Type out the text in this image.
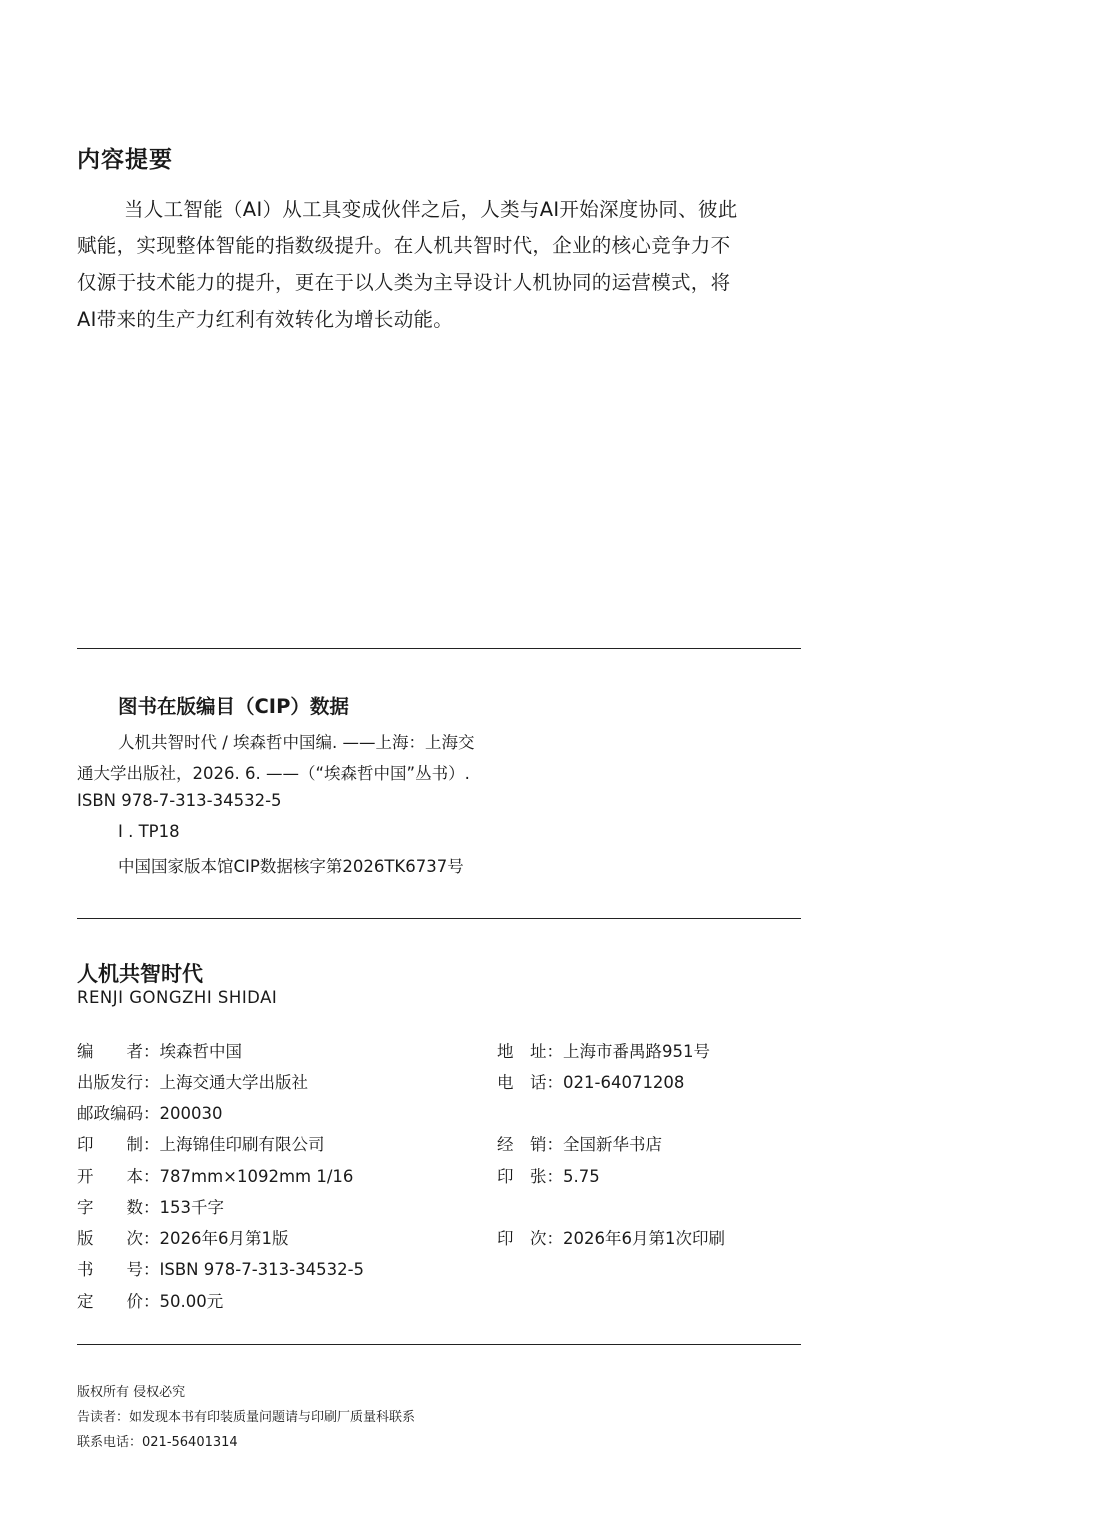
内容提要
当人工智能（AI）从工具变成伙伴之后，人类与AI开始深度协同、彼此
赋能，实现整体智能的指数级提升。在人机共智时代，企业的核心竞争力不
仅源于技术能力的提升，更在于以人类为主导设计人机协同的运营模式，将
AI带来的生产力红利有效转化为增长动能。
图书在版编目（CIP）数据
人机共智时代 / 埃森哲中国编. ——上海：上海交
通大学出版社，2026. 6. ——（“埃森哲中国”丛书）.
ISBN 978-7-313-34532-5
I . TP18
中国国家版本馆CIP数据核字第2026TK6737号
人机共智时代
RENJI GONGZHI SHIDAI
编　　者：埃森哲中国
出版发行：上海交通大学出版社
邮政编码：200030
印　　制：上海锦佳印刷有限公司
开　　本：787mm×1092mm 1/16
字　　数：153千字
版　　次：2026年6月第1版
书　　号：ISBN 978-7-313-34532-5
定　　价：50.00元
地　址：上海市番禺路951号
电　话：021-64071208
经　销：全国新华书店
印　张：5.75
印　次：2026年6月第1次印刷
版权所有 侵权必究
告读者：如发现本书有印装质量问题请与印刷厂质量科联系
联系电话：021-56401314
